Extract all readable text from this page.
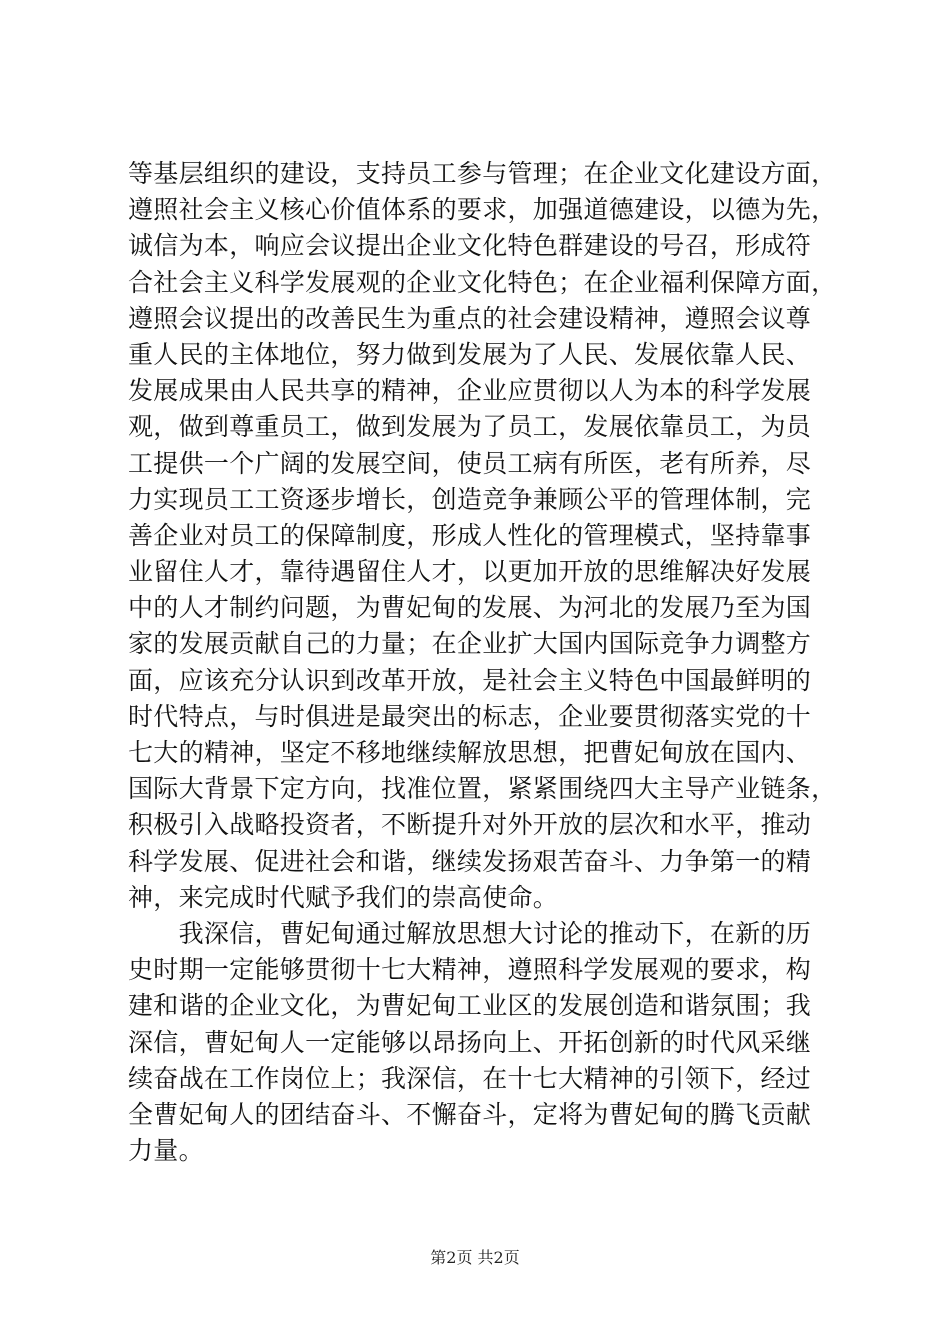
等基层组织的建设，支持员工参与管理；在企业文化建设方面，
遵照社会主义核心价值体系的要求，加强道德建设，以德为先，
诚信为本，响应会议提出企业文化特色群建设的号召，形成符
合社会主义科学发展观的企业文化特色；在企业福利保障方面，
遵照会议提出的改善民生为重点的社会建设精神，遵照会议尊
重人民的主体地位，努力做到发展为了人民、发展依靠人民、
发展成果由人民共享的精神，企业应贯彻以人为本的科学发展
观，做到尊重员工，做到发展为了员工，发展依靠员工，为员
工提供一个广阔的发展空间，使员工病有所医，老有所养，尽
力实现员工工资逐步增长，创造竞争兼顾公平的管理体制，完
善企业对员工的保障制度，形成人性化的管理模式，坚持靠事
业留住人才，靠待遇留住人才，以更加开放的思维解决好发展
中的人才制约问题，为曹妃甸的发展、为河北的发展乃至为国
家的发展贡献自己的力量；在企业扩大国内国际竞争力调整方
面，应该充分认识到改革开放，是社会主义特色中国最鲜明的
时代特点，与时俱进是最突出的标志，企业要贯彻落实党的十
七大的精神，坚定不移地继续解放思想，把曹妃甸放在国内、
国际大背景下定方向，找准位置，紧紧围绕四大主导产业链条，
积极引入战略投资者，不断提升对外开放的层次和水平，推动
科学发展、促进社会和谐，继续发扬艰苦奋斗、力争第一的精
神，来完成时代赋予我们的崇高使命。
　　我深信，曹妃甸通过解放思想大讨论的推动下，在新的历
史时期一定能够贯彻十七大精神，遵照科学发展观的要求，构
建和谐的企业文化，为曹妃甸工业区的发展创造和谐氛围；我
深信，曹妃甸人一定能够以昂扬向上、开拓创新的时代风采继
续奋战在工作岗位上；我深信，在十七大精神的引领下，经过
全曹妃甸人的团结奋斗、不懈奋斗，定将为曹妃甸的腾飞贡献
力量。
第2页 共2页
